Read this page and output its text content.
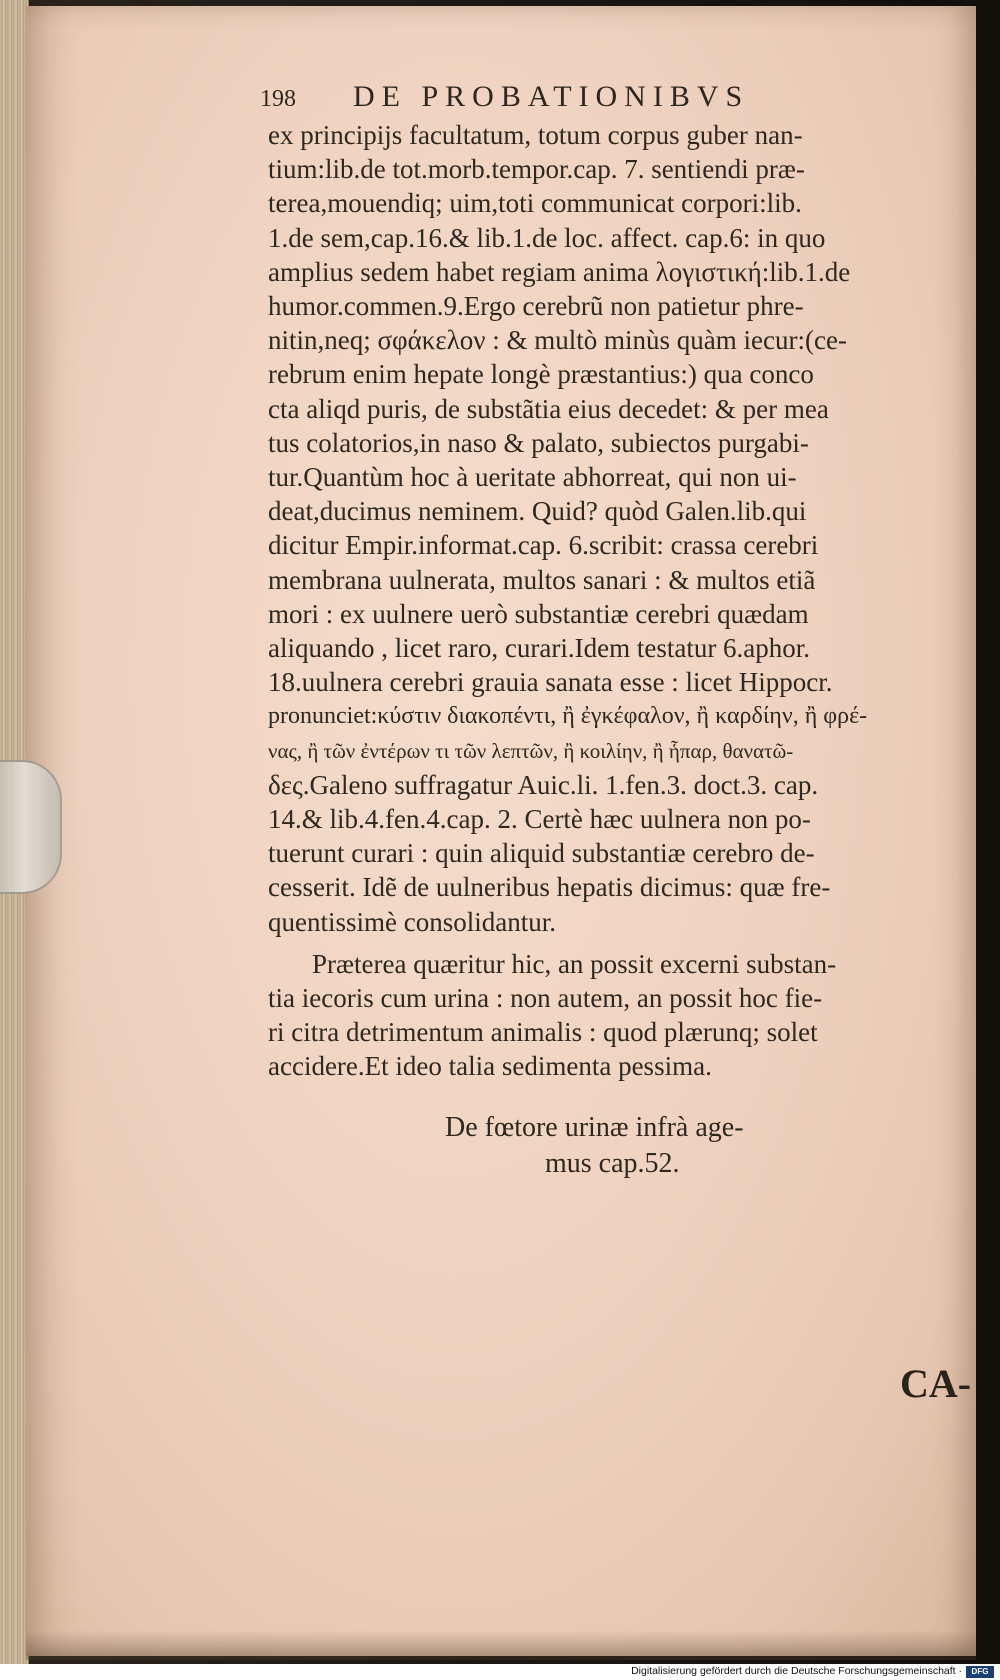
198 DE PROBATIONIBVS
ex principijs facultatum, totum corpus guber nan-
tium:lib.de tot.morb.tempor.cap. 7. sentiendi præ-
terea,mouendiq; uim,toti communicat corpori:lib.
1.de sem,cap.16.& lib.1.de loc. affect. cap.6: in quo
amplius sedem habet regiam anima λογιστική:lib.1.de
humor.commen.9.Ergo cerebrũ non patietur phre-
nitin,neq; σφάκελον : & multò minùs quàm iecur:(ce-
rebrum enim hepate longè præstantius:) qua conco
cta aliqd puris, de substãtia eius decedet: & per mea
tus colatorios,in naso & palato, subiectos purgabi-
tur.Quantùm hoc à ueritate abhorreat, qui non ui-
deat,ducimus neminem. Quid? quòd Galen.lib.qui
dicitur Empir.informat.cap. 6.scribit: crassa cerebri
membrana uulnerata, multos sanari : & multos etiã
mori : ex uulnere uerò substantiæ cerebri quædam
aliquando , licet raro, curari.Idem testatur 6.aphor.
18.uulnera cerebri grauia sanata esse : licet Hippocr.
pronunciet:κύστιν διακοπέντι, ἢ ἐγκέφαλον, ἢ καρδίην, ἢ φρέ-
νας, ἢ τῶν ἐντέρων τι τῶν λεπτῶν, ἢ κοιλίην, ἢ ἧπαρ, θανατῶ-
δες.Galeno suffragatur Auic.li. 1.fen.3. doct.3. cap.
14.& lib.4.fen.4.cap. 2. Certè hæc uulnera non po-
tuerunt curari : quin aliquid substantiæ cerebro de-
cesserit. Idẽ de uulneribus hepatis dicimus: quæ fre-
quentissimè consolidantur.
Præterea quæritur hic, an possit excerni substan-
tia iecoris cum urina : non autem, an possit hoc fie-
ri citra detrimentum animalis : quod plærunq; solet
accidere.Et ideo talia sedimenta pessima.
De fœtore urinæ infrà age-
mus cap.52.
CA-
Digitalisierung gefördert durch die Deutsche Forschungsgemeinschaft ·	DFG
